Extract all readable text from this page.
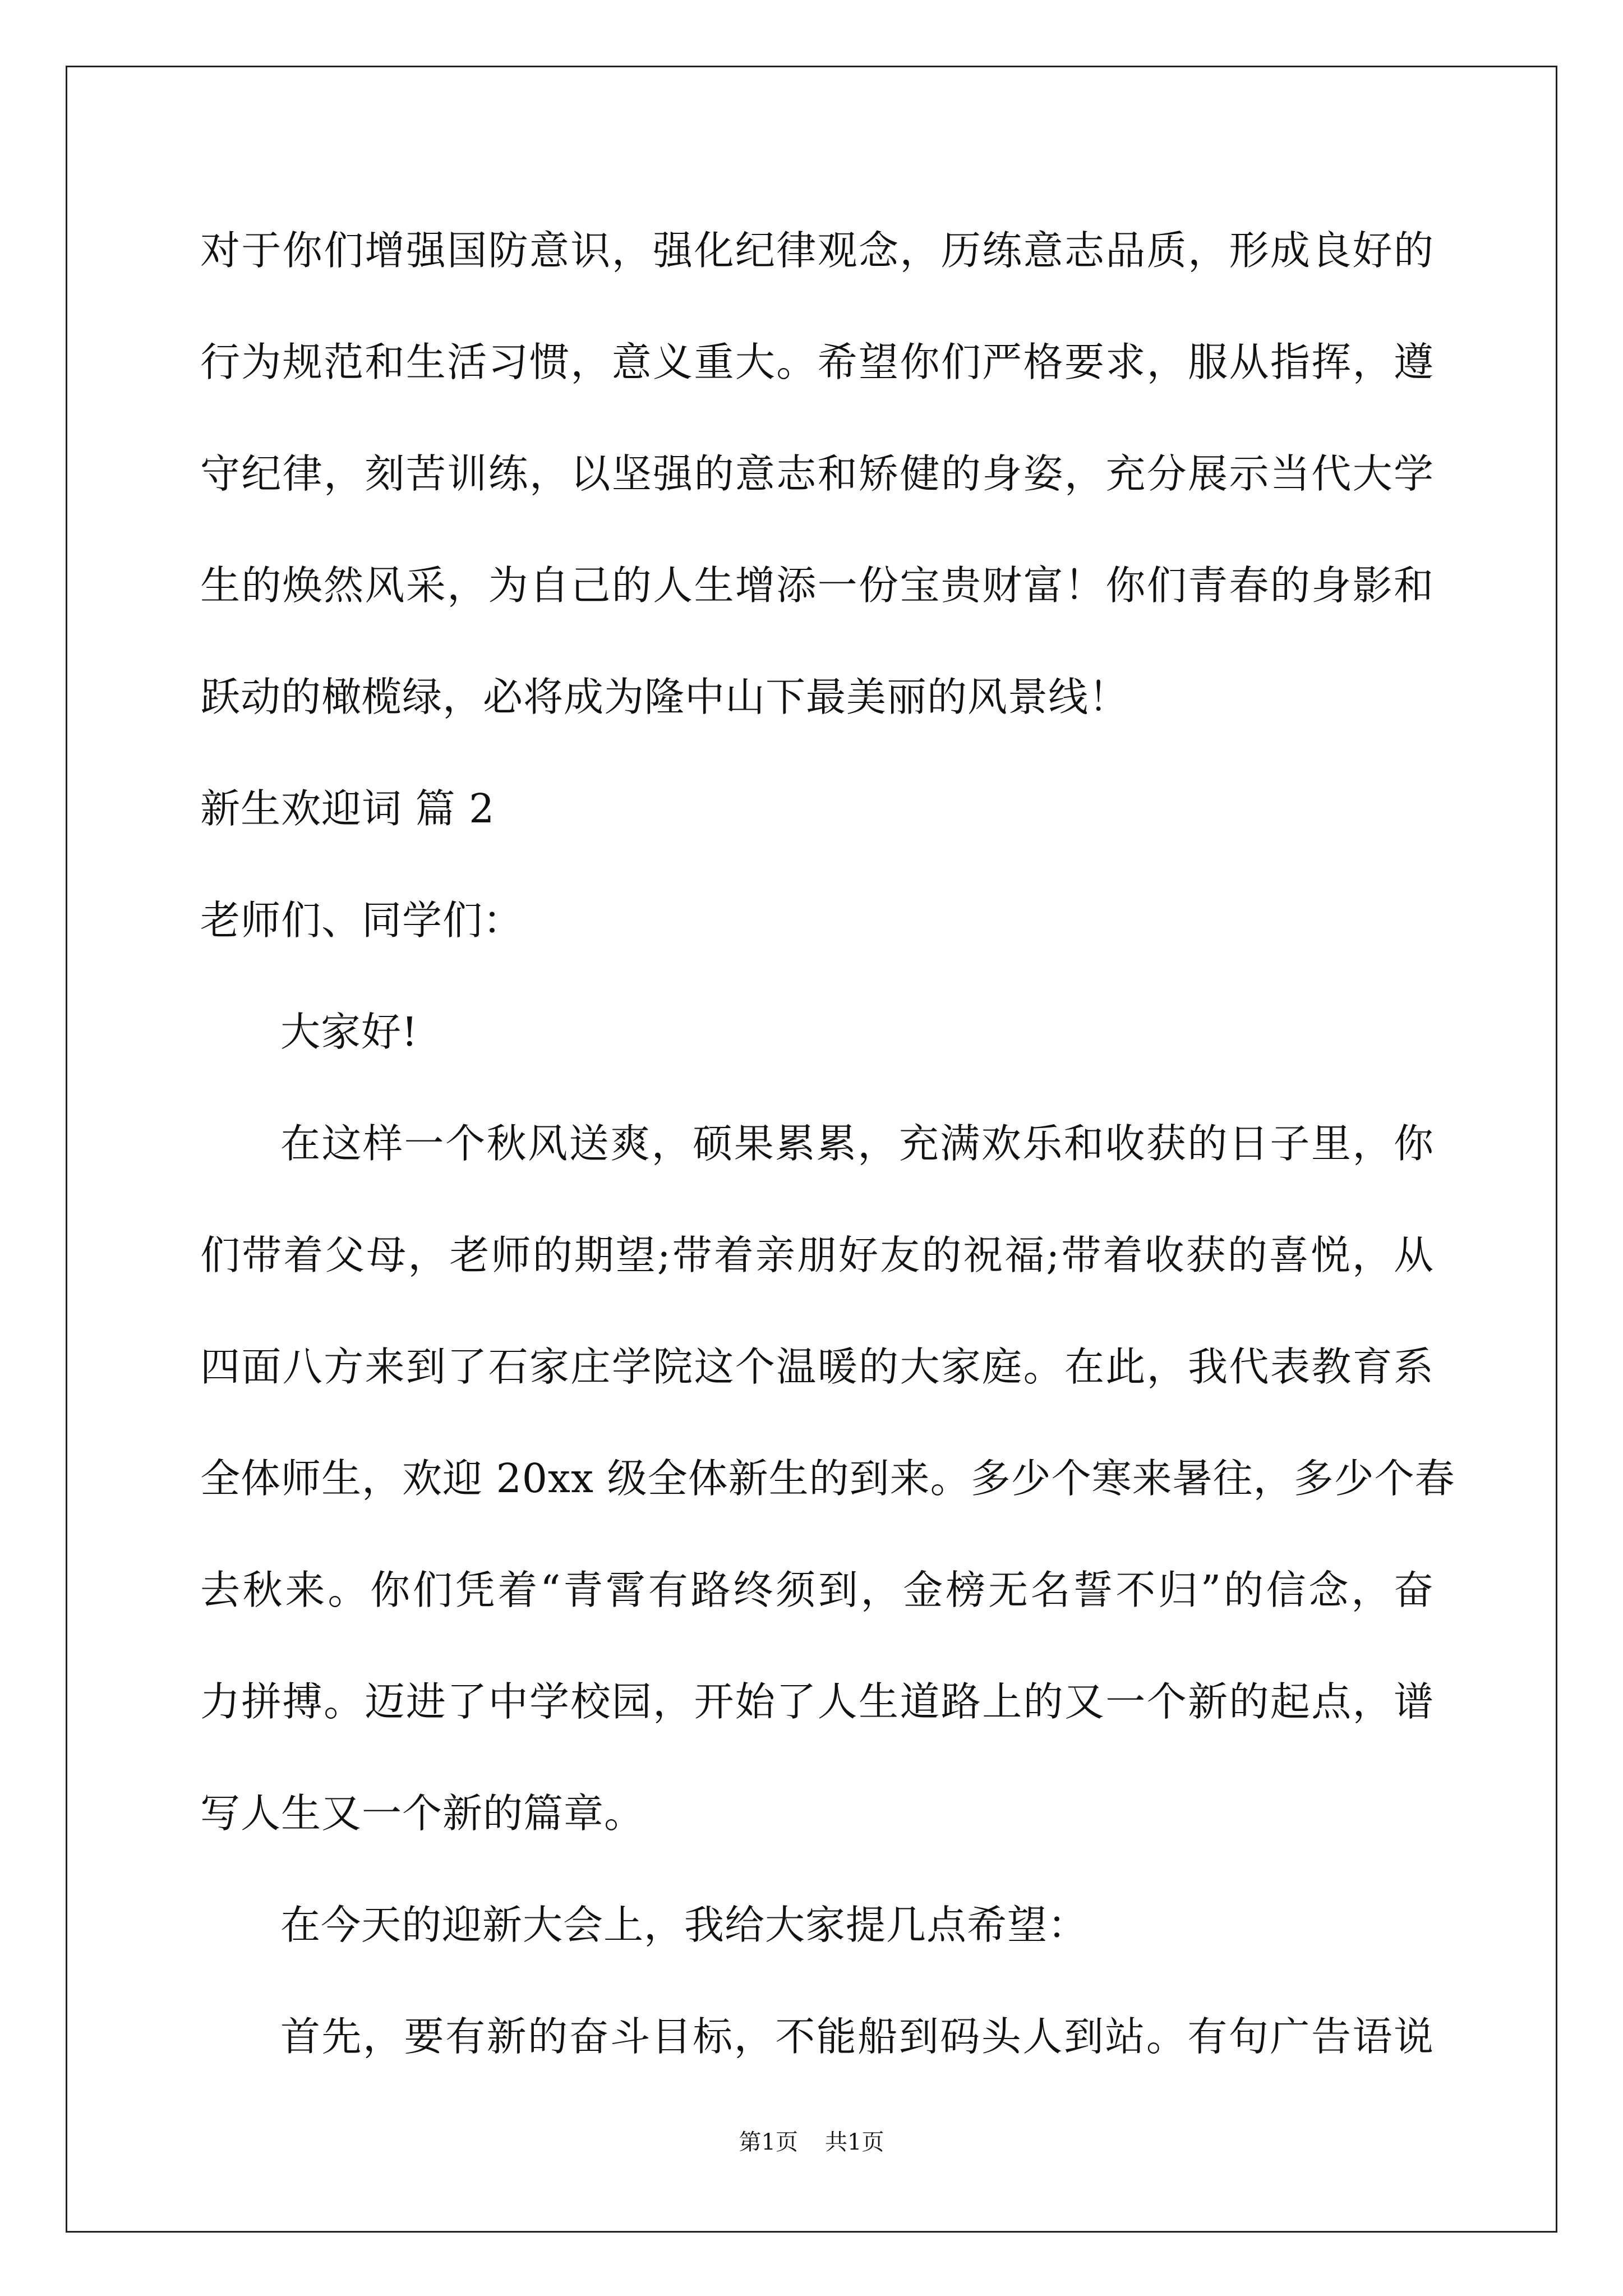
对于你们增强国防意识，强化纪律观念，历练意志品质，形成良好的
行为规范和生活习惯，意义重大。希望你们严格要求，服从指挥，遵
守纪律，刻苦训练，以坚强的意志和矫健的身姿，充分展示当代大学
生的焕然风采，为自己的人生增添一份宝贵财富！你们青春的身影和
跃动的橄榄绿，必将成为隆中山下最美丽的风景线！
新生欢迎词 篇 2
老师们、同学们：
大家好!
在这样一个秋风送爽，硕果累累，充满欢乐和收获的日子里，你
们带着父母，老师的期望;带着亲朋好友的祝福;带着收获的喜悦，从
四面八方来到了石家庄学院这个温暖的大家庭。在此，我代表教育系
全体师生，欢迎 20xx 级全体新生的到来。多少个寒来暑往，多少个春
去秋来。你们凭着“青霄有路终须到，金榜无名誓不归”的信念，奋
力拼搏。迈进了中学校园，开始了人生道路上的又一个新的起点，谱
写人生又一个新的篇章。
在今天的迎新大会上，我给大家提几点希望：
首先，要有新的奋斗目标，不能船到码头人到站。有句广告语说
第1页 共1页
